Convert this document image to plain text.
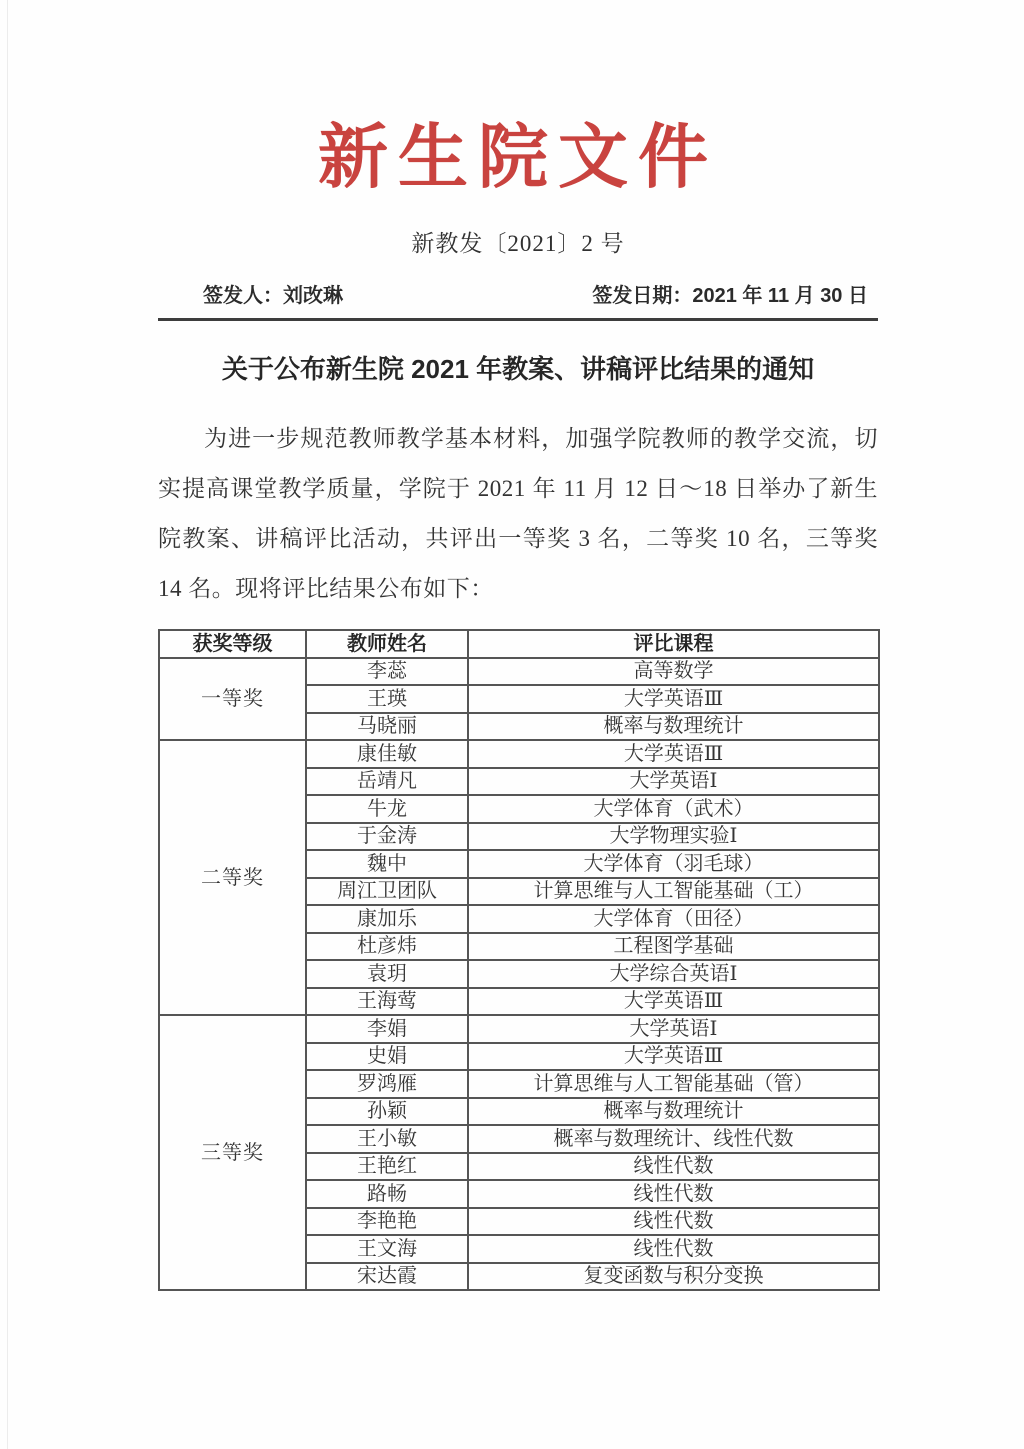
新生院文件
新教发〔2021〕2 号
签发人：刘改琳	签发日期：2021 年 11 月 30 日
关于公布新生院 2021 年教案、讲稿评比结果的通知
为进一步规范教师教学基本材料，加强学院教师的教学交流，切实提高课堂教学质量，学院于 2021 年 11 月 12 日～18 日举办了新生院教案、讲稿评比活动，共评出一等奖 3 名，二等奖 10 名，三等奖 14 名。现将评比结果公布如下：
获奖等级	教师姓名	评比课程
一等奖	李蕊	高等数学
	王瑛	大学英语Ⅲ
	马晓丽	概率与数理统计
二等奖	康佳敏	大学英语Ⅲ
	岳靖凡	大学英语Ⅰ
	牛龙	大学体育（武术）
	于金涛	大学物理实验Ⅰ
	魏中	大学体育（羽毛球）
	周江卫团队	计算思维与人工智能基础（工）
	康加乐	大学体育（田径）
	杜彦炜	工程图学基础
	袁玥	大学综合英语Ⅰ
	王海莺	大学英语Ⅲ
三等奖	李娟	大学英语Ⅰ
	史娟	大学英语Ⅲ
	罗鸿雁	计算思维与人工智能基础（管）
	孙颖	概率与数理统计
	王小敏	概率与数理统计、线性代数
	王艳红	线性代数
	路畅	线性代数
	李艳艳	线性代数
	王文海	线性代数
	宋达霞	复变函数与积分变换
